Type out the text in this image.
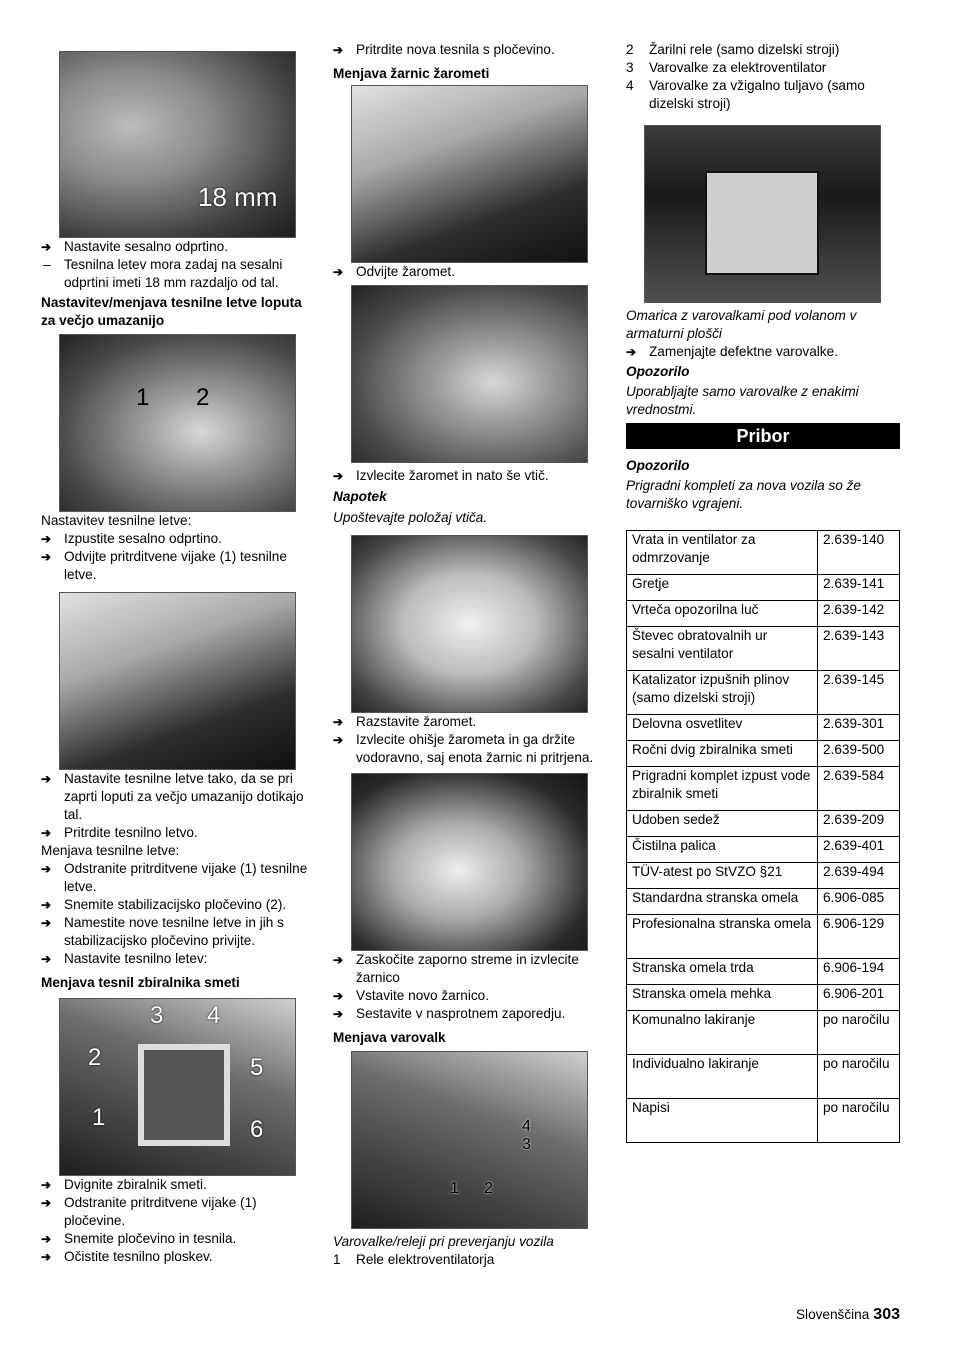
18 mm

➔ Nastavite sesalno odprtino.

– Tesnilna letev mora zadaj na sesalni odprtini imeti 18 mm razdaljo od tal.

Nastavitev/menjava tesnilne letve loputa za večjo umazanijo

1 2

Nastavitev tesnilne letve:

➔ Izpustite sesalno odprtino.

➔ Odvijte pritrditvene vijake (1) tesnilne letve.

➔ Nastavite tesnilne letve tako, da se pri zaprti loputi za večjo umazanijo dotikajo tal.

➔ Pritrdite tesnilno letvo.

Menjava tesnilne letve:

➔ Odstranite pritrditvene vijake (1) tesnilne letve.

➔ Snemite stabilizacijsko pločevino (2).

➔ Namestite nove tesnilne letve in jih s stabilizacijsko pločevino privijte.

➔ Nastavite tesnilno letev:

Menjava tesnil zbiralnika smeti

3 4
2	5
1	6

➔ Dvignite zbiralnik smeti.

➔ Odstranite pritrditvene vijake (1) pločevine.

➔ Snemite pločevino in tesnila.

➔ Očistite tesnilno ploskev.

➔ Pritrdite nova tesnila s pločevino.

Menjava žarnic žarometi

➔ Odvijte žaromet.

➔ Izvlecite žaromet in nato še vtič.

Napotek

Upoštevajte položaj vtiča.

➔ Razstavite žaromet.

➔ Izvlecite ohišje žarometa in ga držite vodoravno, saj enota žarnic ni pritrjena.

➔ Zaskočite zaporno streme in izvlecite žarnico

➔ Vstavite novo žarnico.

➔ Sestavite v nasprotnem zaporedju.

Menjava varovalk

4
3
1 2

Varovalke/releji pri preverjanju vozila

1 Rele elektroventilatorja

2 Žarilni rele (samo dizelski stroji)

3 Varovalke za elektroventilator

4 Varovalke za vžigalno tuljavo (samo dizelski stroji)

Omarica z varovalkami pod volanom v armaturni plošči

➔ Zamenjajte defektne varovalke.

Opozorilo

Uporabljajte samo varovalke z enakimi vrednostmi.

Pribor

Opozorilo

Prigradni kompleti za nova vozila so že tovarniško vgrajeni.

Vrata in ventilator za odmrzovanje	2.639-140
Gretje	2.639-141
Vrteča opozorilna luč	2.639-142
Števec obratovalnih ur sesalni ventilator	2.639-143
Katalizator izpušnih plinov (samo dizelski stroji)	2.639-145
Delovna osvetlitev	2.639-301
Ročni dvig zbiralnika smeti	2.639-500
Prigradni komplet izpust vode zbiralnik smeti	2.639-584
Udoben sedež	2.639-209
Čistilna palica	2.639-401
TÜV-atest po StVZO §21	2.639-494
Standardna stranska omela	6.906-085
Profesionalna stranska omela	6.906-129
Stranska omela trda	6.906-194
Stranska omela mehka	6.906-201
Komunalno lakiranje	po naročilu
Individualno lakiranje	po naročilu
Napisi	po naročilu
Slovenščina 303
